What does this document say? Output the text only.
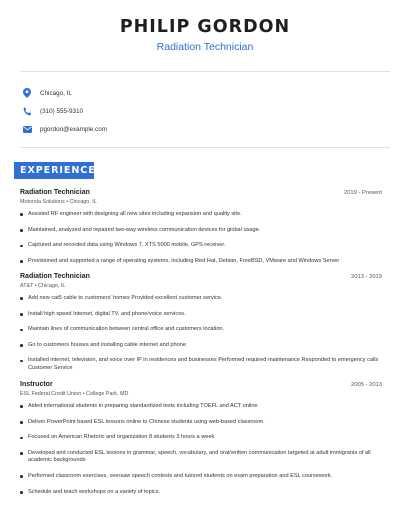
PHILIP GORDON
Radiation Technician
Chicago, IL
(310) 555-9310
pgordon@example.com
EXPERIENCE
Radiation Technician	2019 - Present
Motorola Solutions • Chicago, IL
Assisted RF engineer with designing all new sites including expansion and quality site.
Maintained, analyzed and repaired two-way wireless communication devices for global usage.
Captured and recorded data using Windows 7, XTS 5000 mobile, GPS receiver.
Provisioned and supported a range of operating systems, including Red Hat, Debian, FreeBSD, VMware and Windows Server
Radiation Technician	2013 - 2019
AT&T • Chicago, IL
Add new cat5 cable to customers' homes Provided excellent customer service.
Install high speed Internet, digital TV, and phone/voice services.
Maintain lines of communication between central office and customers location.
Go to customers houses and installing cable internet and phone
Installed internet, television, and voice over IP in residences and businesses Performed required maintenance Responded to emergency calls Customer Service
Instructor	2005 - 2013
ESL Federal Credit Union • College Park, MD
Aided international students in preparing standardized tests including TOEFL and ACT online
Deliver PowerPoint based ESL lessons online to Chinese students using web-based classroom.
Focused on American Rhetoric and organization 8 students 3 hours a week
Developed and conducted ESL lessons in grammar, speech, vocabulary, and oral/written communication targeted at adult immigrants of all academic backgrounds
Performed classroom exercises, oversaw speech contests and tutored students on exam preparation and ESL coursework.
Schedule and teach workshops on a variety of topics.
